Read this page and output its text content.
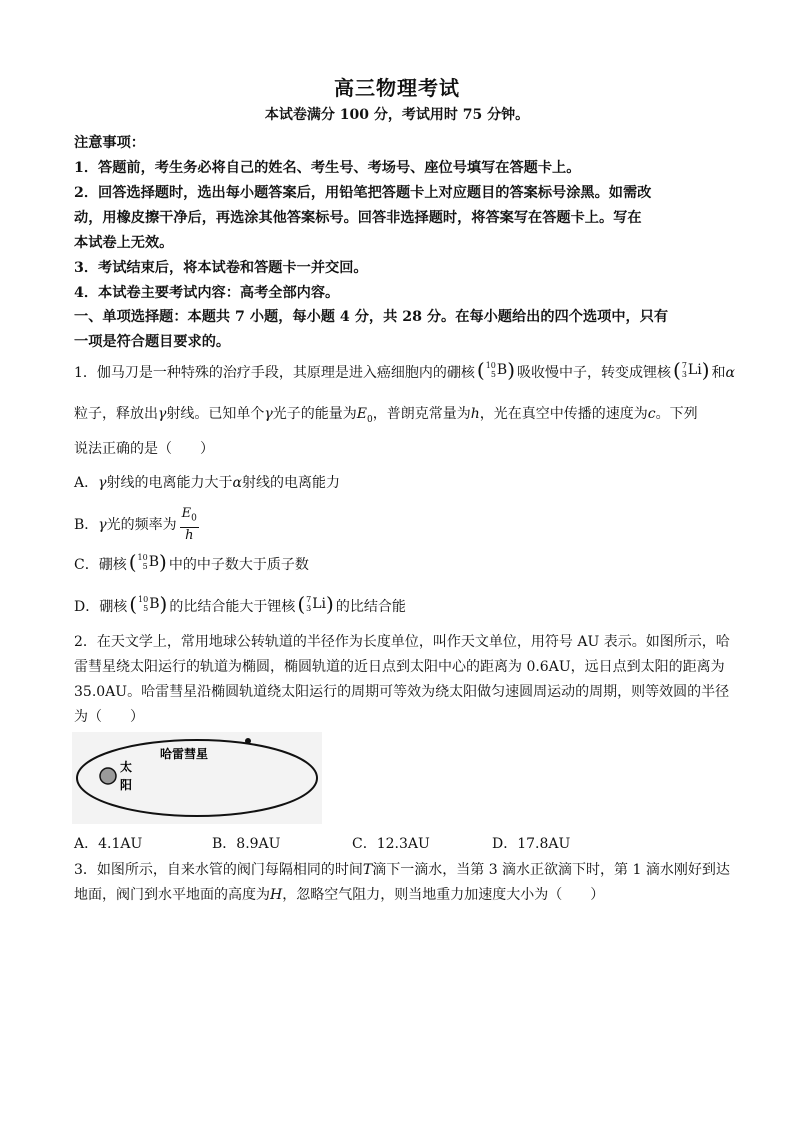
高三物理考试
本试卷满分 100 分，考试用时 75 分钟。
注意事项：
1．答题前，考生务必将自己的姓名、考生号、考场号、座位号填写在答题卡上。
2．回答选择题时，选出每小题答案后，用铅笔把答题卡上对应题目的答案标号涂黑。如需改
动，用橡皮擦干净后，再选涂其他答案标号。回答非选择题时，将答案写在答题卡上。写在
本试卷上无效。
3．考试结束后，将本试卷和答题卡一并交回。
4．本试卷主要考试内容：高考全部内容。
一、单项选择题：本题共 7 小题，每小题 4 分，共 28 分。在每小题给出的四个选项中，只有
一项是符合题目要求的。
1．伽马刀是一种特殊的治疗手段，其原理是进入癌细胞内的硼核 ( 10
5 B ) 吸收慢中子，转变成锂核 ( 7
3 Li ) 和α
粒子，释放出γ射线。已知单个γ光子的能量为$E_0$，普朗克常量为h，光在真空中传播的速度为c。下列
说法正确的是（　　）
A．γ射线的电离能力大于α射线的电离能力
B．γ光的频率为 $\frac{E_0}{h}$
C．硼核 ( 10
5 B ) 中的中子数大于质子数
D．硼核 ( 10
5 B ) 的比结合能大于锂核 ( 7
3 Li ) 的比结合能
2．在天文学上，常用地球公转轨道的半径作为长度单位，叫作天文单位，用符号 AU 表示。如图所示，哈
雷彗星绕太阳运行的轨道为椭圆，椭圆轨道的近日点到太阳中心的距离为 0.6AU，远日点到太阳的距离为
35.0AU。哈雷彗星沿椭圆轨道绕太阳运行的周期可等效为绕太阳做匀速圆周运动的周期，则等效圆的半径
为（　　）
哈雷彗星
太
阳
A．4.1AU	B．8.9AU	C．12.3AU	D．17.8AU
3．如图所示，自来水管的阀门每隔相同的时间T滴下一滴水，当第 3 滴水正欲滴下时，第 1 滴水刚好到达
地面，阀门到水平地面的高度为H，忽略空气阻力，则当地重力加速度大小为（　　）
